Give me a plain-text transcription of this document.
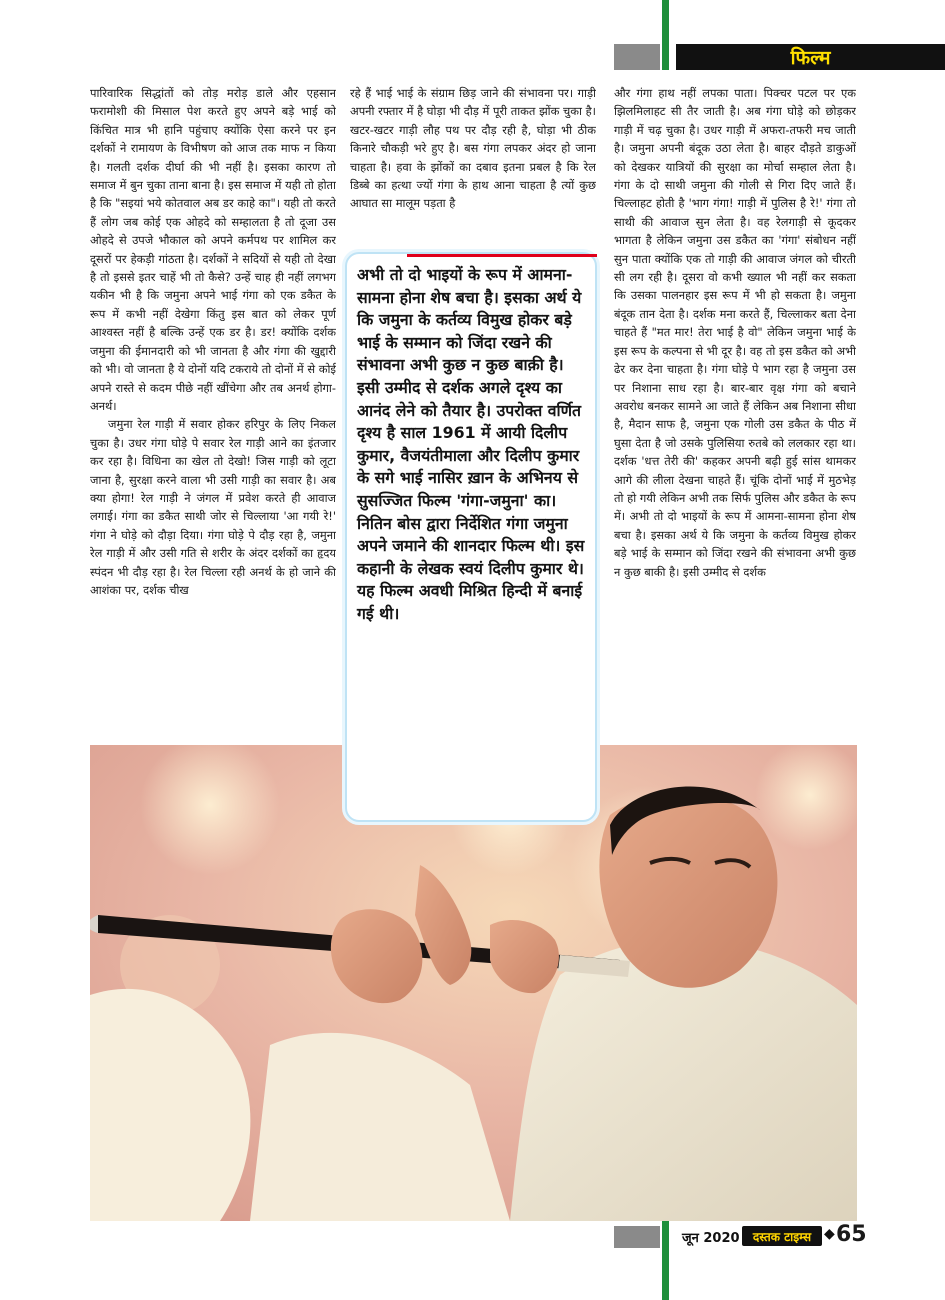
फिल्म

पारिवारिक सिद्धांतों को तोड़ मरोड़ डाले और एहसान फरामोशी की मिसाल पेश करते हुए अपने बड़े भाई को किंचित मात्र भी हानि पहुंचाए क्योंकि ऐसा करने पर इन दर्शकों ने रामायण के विभीषण को आज तक माफ न किया है। गलती दर्शक दीर्घा की भी नहीं है। इसका कारण तो समाज में बुन चुका ताना बाना है। इस समाज में यही तो होता है कि "सइयां भये कोतवाल अब डर काहे का"। यही तो करते हैं लोग जब कोई एक ओहदे को सम्हालता है तो दूजा उस ओहदे से उपजे भौकाल को अपने कर्मपथ पर शामिल कर दूसरों पर हेकड़ी गांठता है। दर्शकों ने सदियों से यही तो देखा है तो इससे इतर चाहें भी तो कैसे? उन्हें चाह ही नहीं लगभग यकीन भी है कि जमुना अपने भाई गंगा को एक डकैत के रूप में कभी नहीं देखेगा किंतु इस बात को लेकर पूर्ण आश्वस्त नहीं है बल्कि उन्हें एक डर है। डर! क्योंकि दर्शक जमुना की ईमानदारी को भी जानता है और गंगा की खुद्दारी को भी। वो जानता है ये दोनों यदि टकराये तो दोनों में से कोई अपने रास्ते से कदम पीछे नहीं खींचेगा और तब अनर्थ होगा-अनर्थ।

जमुना रेल गाड़ी में सवार होकर हरिपुर के लिए निकल चुका है। उधर गंगा घोड़े पे सवार रेल गाड़ी आने का इंतजार कर रहा है। विधिना का खेल तो देखो! जिस गाड़ी को लूटा जाना है, सुरक्षा करने वाला भी उसी गाड़ी का सवार है। अब क्या होगा! रेल गाड़ी ने जंगल में प्रवेश करते ही आवाज लगाई। गंगा का डकैत साथी जोर से चिल्लाया 'आ गयी रे!' गंगा ने घोड़े को दौड़ा दिया। गंगा घोड़े पे दौड़ रहा है, जमुना रेल गाड़ी में और उसी गति से शरीर के अंदर दर्शकों का हृदय स्पंदन भी दौड़ रहा है। रेल चिल्ला रही अनर्थ के हो जाने की आशंका पर, दर्शक चीख

रहे हैं भाई भाई के संग्राम छिड़ जाने की संभावना पर। गाड़ी अपनी रफ्तार में है घोड़ा भी दौड़ में पूरी ताकत झोंक चुका है। खटर-खटर गाड़ी लौह पथ पर दौड़ रही है, घोड़ा भी ठीक किनारे चौकड़ी भरे हुए है। बस गंगा लपकर अंदर हो जाना चाहता है। हवा के झोंकों का दबाव इतना प्रबल है कि रेल डिब्बे का हत्था ज्यों गंगा के हाथ आना चाहता है त्यों कुछ आघात सा मालूम पड़ता है

और गंगा हाथ नहीं लपका पाता। पिक्चर पटल पर एक झिलमिलाहट सी तैर जाती है। अब गंगा घोड़े को छोड़कर गाड़ी में चढ़ चुका है। उधर गाड़ी में अफरा-तफरी मच जाती है। जमुना अपनी बंदूक उठा लेता है। बाहर दौड़ते डाकुओं को देखकर यात्रियों की सुरक्षा का मोर्चा सम्हाल लेता है। गंगा के दो साथी जमुना की गोली से गिरा दिए जाते हैं। चिल्लाहट होती है 'भाग गंगा! गाड़ी में पुलिस है रे!' गंगा तो साथी की आवाज सुन लेता है। वह रेलगाड़ी से कूदकर भागता है लेकिन जमुना उस डकैत का 'गंगा' संबोधन नहीं सुन पाता क्योंकि एक तो गाड़ी की आवाज जंगल को चीरती सी लग रही है। दूसरा वो कभी ख्याल भी नहीं कर सकता कि उसका पालनहार इस रूप में भी हो सकता है। जमुना बंदूक तान देता है। दर्शक मना करते हैं, चिल्लाकर बता देना चाहते हैं "मत मार! तेरा भाई है वो" लेकिन जमुना भाई के इस रूप के कल्पना से भी दूर है। वह तो इस डकैत को अभी ढेर कर देना चाहता है। गंगा घोड़े पे भाग रहा है जमुना उस पर निशाना साध रहा है। बार-बार वृक्ष गंगा को बचाने अवरोध बनकर सामने आ जाते हैं लेकिन अब निशाना सीधा है, मैदान साफ है, जमुना एक गोली उस डकैत के पीठ में घुसा देता है जो उसके पुलिसिया रुतबे को ललकार रहा था। दर्शक 'धत्त तेरी की' कहकर अपनी बढ़ी हुई सांस थामकर आगे की लीला देखना चाहते हैं। चूंकि दोनों भाई में मुठभेड़ तो हो गयी लेकिन अभी तक सिर्फ पुलिस और डकैत के रूप में। अभी तो दो भाइयों के रूप में आमना-सामना होना शेष बचा है। इसका अर्थ ये कि जमुना के कर्तव्य विमुख होकर बड़े भाई के सम्मान को जिंदा रखने की संभावना अभी कुछ न कुछ बाकी है। इसी उम्मीद से दर्शक

अभी तो दो भाइयों के रूप में आमना-सामना होना शेष बचा है। इसका अर्थ ये कि जमुना के कर्तव्य विमुख होकर बड़े भाई के सम्मान को जिंदा रखने की संभावना अभी कुछ न कुछ बाक़ी है। इसी उम्मीद से दर्शक अगले दृश्य का आनंद लेने को तैयार है। उपरोक्त वर्णित दृश्य है साल 1961 में आयी दिलीप कुमार, वैजयंतीमाला और दिलीप कुमार के सगे भाई नासिर ख़ान के अभिनय से सुसज्जित फिल्म 'गंगा-जमुना' का। नितिन बोस द्वारा निर्देशित गंगा जमुना अपने जमाने की शानदार फिल्म थी। इस कहानी के लेखक स्वयं दिलीप कुमार थे। यह फिल्म अवधी मिश्रित हिन्दी में बनाई गई थी।

जून 2020	दस्तक टाइम्स ◆ 65
